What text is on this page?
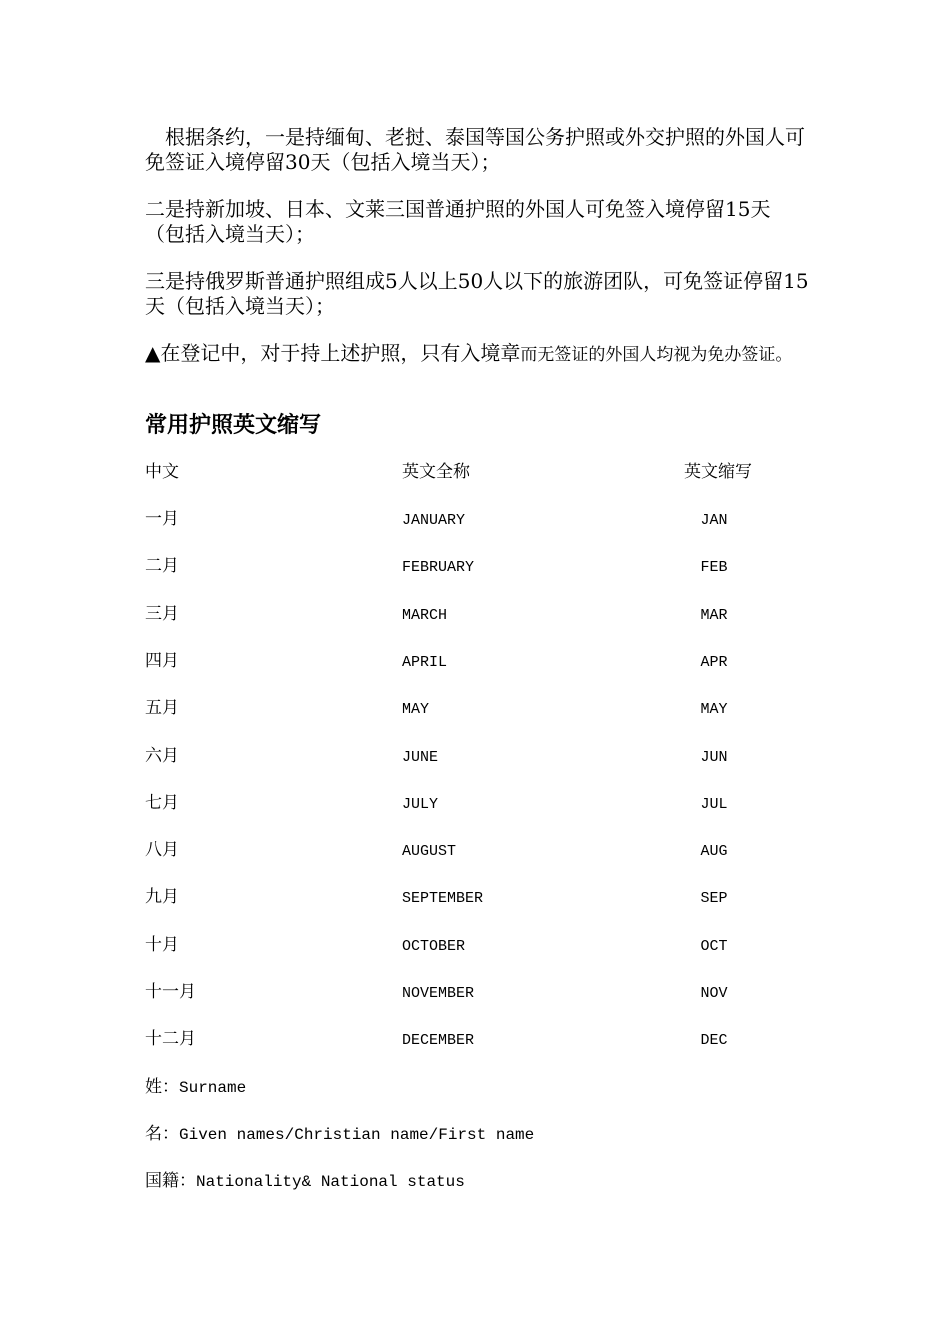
根据条约，一是持缅甸、老挝、泰国等国公务护照或外交护照的外国人可免签证入境停留30天（包括入境当天）；

二是持新加坡、日本、文莱三国普通护照的外国人可免签入境停留15天（包括入境当天）；

三是持俄罗斯普通护照组成5人以上50人以下的旅游团队，可免签证停留15天（包括入境当天）；

▲在登记中，对于持上述护照，只有入境章而无签证的外国人均视为免办签证。

常用护照英文缩写
中文	英文全称	英文缩写
一月	JANUARY	JAN
二月	FEBRUARY	FEB
三月	MARCH	MAR
四月	APRIL	APR
五月	MAY	MAY
六月	JUNE	JUN
七月	JULY	JUL
八月	AUGUST	AUG
九月	SEPTEMBER	SEP
十月	OCTOBER	OCT
十一月	NOVEMBER	NOV
十二月	DECEMBER	DEC
姓：Surname
名：Given names/Christian name/First name
国籍：Nationality& National status
